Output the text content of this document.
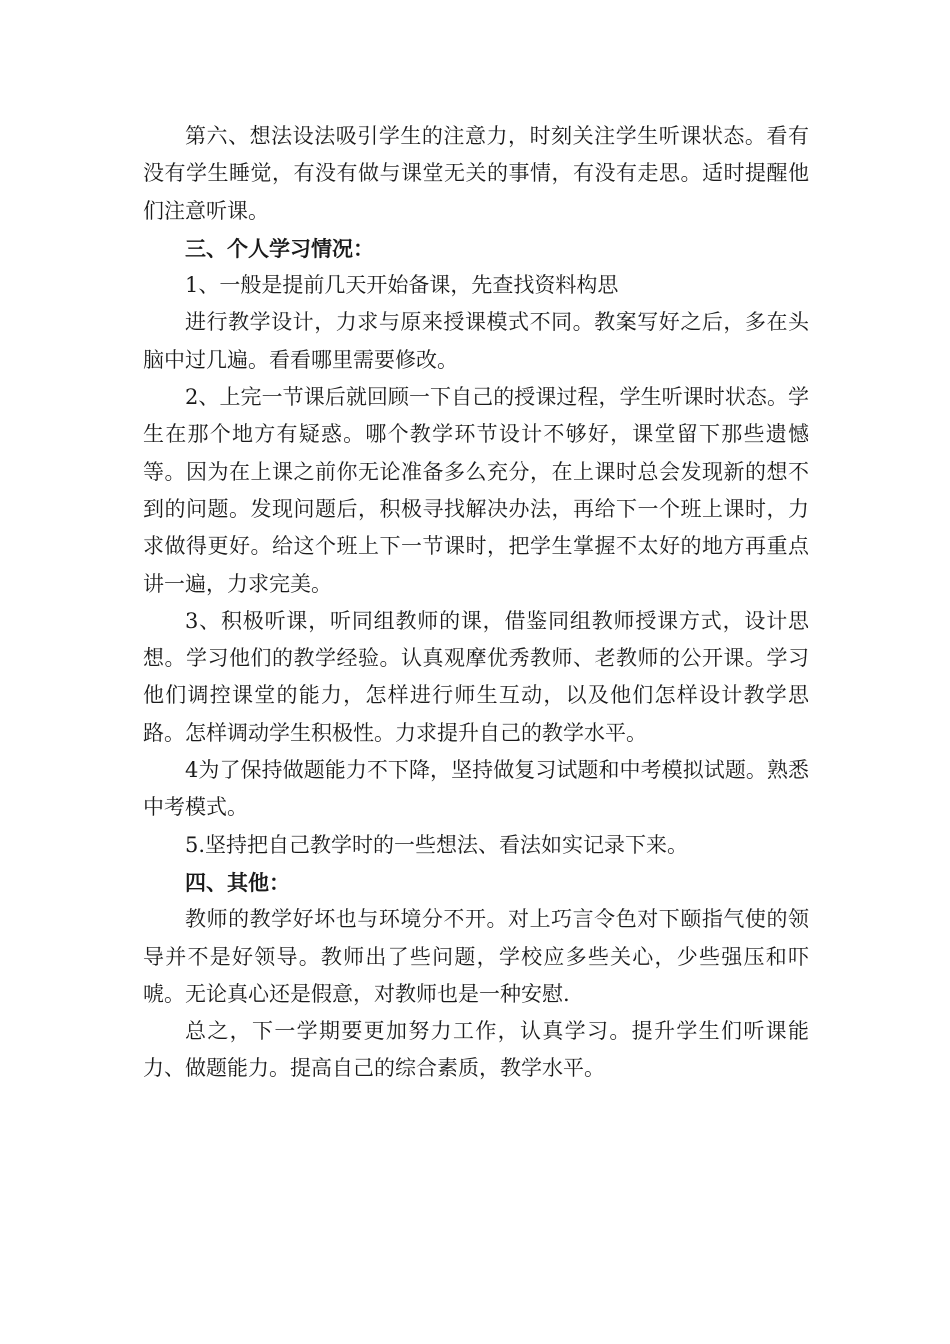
第六、想法设法吸引学生的注意力，时刻关注学生听课状态。看有没有学生睡觉，有没有做与课堂无关的事情，有没有走思。适时提醒他们注意听课。

三、个人学习情况：

1、一般是提前几天开始备课，先查找资料构思

进行教学设计，力求与原来授课模式不同。教案写好之后，多在头脑中过几遍。看看哪里需要修改。

2、上完一节课后就回顾一下自己的授课过程，学生听课时状态。学生在那个地方有疑惑。哪个教学环节设计不够好，课堂留下那些遗憾等。因为在上课之前你无论准备多么充分，在上课时总会发现新的想不到的问题。发现问题后，积极寻找解决办法，再给下一个班上课时，力求做得更好。给这个班上下一节课时，把学生掌握不太好的地方再重点讲一遍，力求完美。

3、积极听课，听同组教师的课，借鉴同组教师授课方式，设计思想。学习他们的教学经验。认真观摩优秀教师、老教师的公开课。学习他们调控课堂的能力，怎样进行师生互动，以及他们怎样设计教学思路。怎样调动学生积极性。力求提升自己的教学水平。

4为了保持做题能力不下降，坚持做复习试题和中考模拟试题。熟悉中考模式。

5.坚持把自己教学时的一些想法、看法如实记录下来。

四、其他：

教师的教学好坏也与环境分不开。对上巧言令色对下颐指气使的领导并不是好领导。教师出了些问题，学校应多些关心，少些强压和吓唬。无论真心还是假意，对教师也是一种安慰.

总之，下一学期要更加努力工作，认真学习。提升学生们听课能力、做题能力。提高自己的综合素质，教学水平。
